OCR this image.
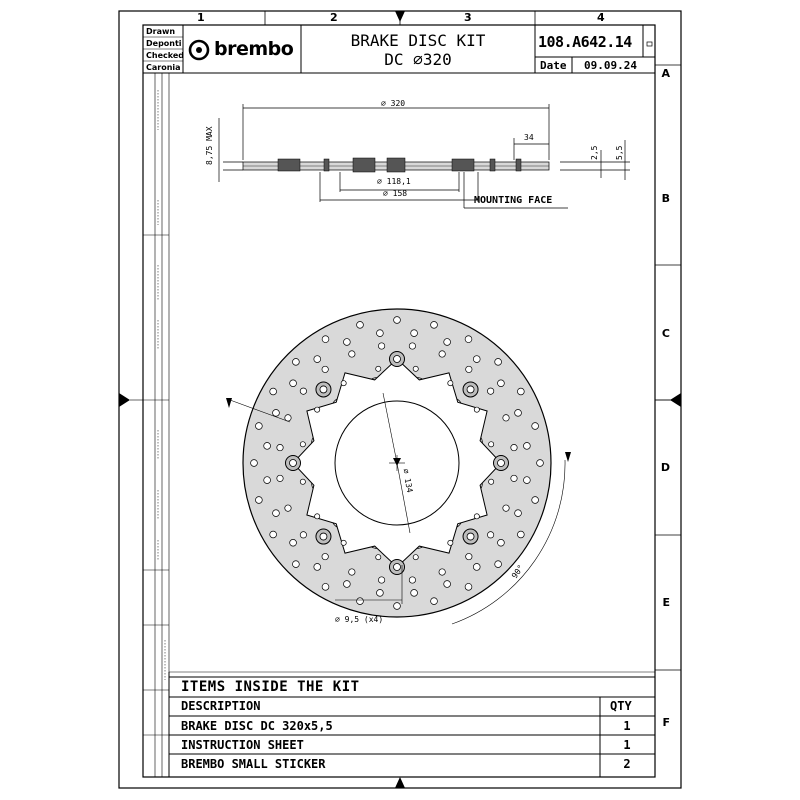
1	2	3	4
A
B
C
D
E
F
Drawn
Deponti
Checked
Caronia
brembo	BRAKE DISC KIT
DC ∅320
108.A642.14
Date 09.09.24
∅ 320
8,75 MAX	34
2,5 5,5
∅ 118,1
∅ 158
MOUNTING FACE
∅ 134
∅ 9,5 (x4)
90°
ITEMS INSIDE THE KIT
DESCRIPTION	QTY
BRAKE DISC DC 320x5,5	1
INSTRUCTION SHEET	1
BREMBO SMALL STICKER	2
